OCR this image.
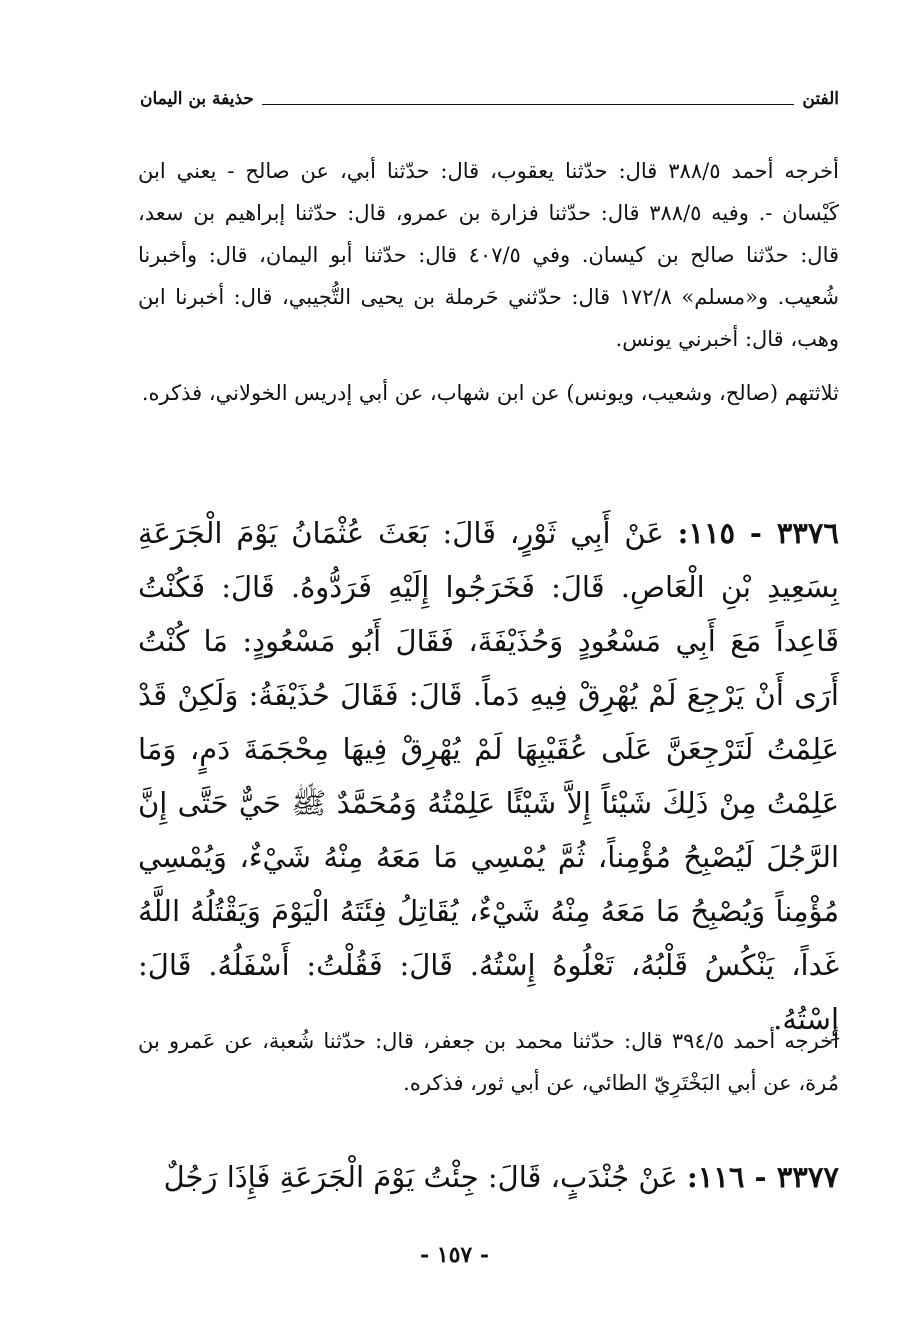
الفتن
حذيفة بن اليمان

أخرجه أحمد ٣٨٨/٥ قال: حدّثنا يعقوب، قال: حدّثنا أبي، عن صالح - يعني ابن كَيْسان -. وفيه ٣٨٨/٥ قال: حدّثنا فزارة بن عمرو، قال: حدّثنا إبراهيم بن سعد، قال: حدّثنا صالح بن كيسان. وفي ٤٠٧/٥ قال: حدّثنا أبو اليمان، قال: وأخبرنا شُعيب. و«مسلم» ١٧٢/٨ قال: حدّثني حَرملة بن يحيى التُّجيبي، قال: أخبرنا ابن وهب، قال: أخبرني يونس.

ثلاثتهم (صالح، وشعيب، ويونس) عن ابن شهاب، عن أبي إدريس الخولاني، فذكره.

٣٣٧٦ - ١١٥: عَنْ أَبِي ثَوْرٍ، قَالَ: بَعَثَ عُثْمَانُ يَوْمَ الْجَرَعَةِ بِسَعِيدِ بْنِ الْعَاصِ. قَالَ: فَخَرَجُوا إِلَيْهِ فَرَدُّوهُ. قَالَ: فَكُنْتُ قَاعِداً مَعَ أَبِي مَسْعُودٍ وَحُذَيْفَةَ، فَقَالَ أَبُو مَسْعُودٍ: مَا كُنْتُ أَرَى أَنْ يَرْجِعَ لَمْ يُهْرِقْ فِيهِ دَماً. قَالَ: فَقَالَ حُذَيْفَةُ: وَلَكِنْ قَدْ عَلِمْتُ لَتَرْجِعَنَّ عَلَى عُقَيْبِهَا لَمْ يُهْرِقْ فِيهَا مِحْجَمَةَ دَمٍ، وَمَا عَلِمْتُ مِنْ ذَلِكَ شَيْئاً إِلاَّ شَيْئًا عَلِمْتُهُ وَمُحَمَّدٌ ﷺ حَيٌّ حَتَّى إِنَّ الرَّجُلَ لَيُصْبِحُ مُؤْمِناً، ثُمَّ يُمْسِي مَا مَعَهُ مِنْهُ شَيْءٌ، وَيُمْسِي مُؤْمِناً وَيُصْبِحُ مَا مَعَهُ مِنْهُ شَيْءٌ، يُقَاتِلُ فِئَتَهُ الْيَوْمَ وَيَقْتُلُهُ اللَّهُ غَداً، يَنْكُسُ قَلْبُهُ، تَعْلُوهُ إِسْتُهُ. قَالَ: فَقُلْتُ: أَسْفَلُهُ. قَالَ: إِسْتُهُ.

أخرجه أحمد ٣٩٤/٥ قال: حدّثنا محمد بن جعفر، قال: حدّثنا شُعبة، عن عَمرو بن مُرة، عن أبي البَخْتَرِيّ الطائي، عن أبي ثور، فذكره.

٣٣٧٧ - ١١٦: عَنْ جُنْدَبٍ، قَالَ: جِئْتُ يَوْمَ الْجَرَعَةِ فَإِذَا رَجُلٌ

- ١٥٧ -
